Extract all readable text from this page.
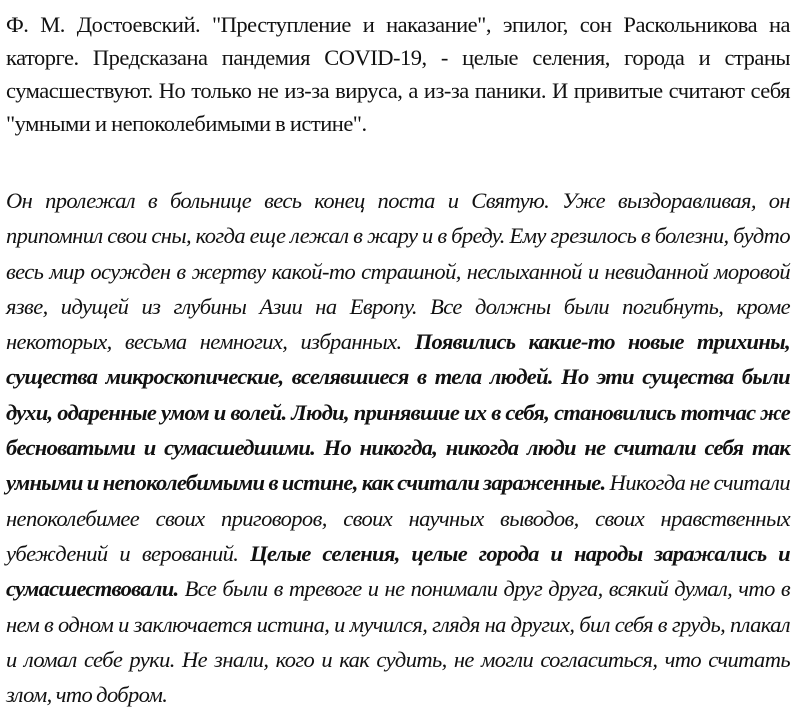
Ф. М. Достоевский. "Преступление и наказание", эпилог, сон Раскольникова на каторге. Предсказана пандемия COVID-19, - целые селения, города и страны сумасшествуют. Но только не из-за вируса, а из-за паники. И привитые считают себя "умными и непоколебимыми в истине".

Он пролежал в больнице весь конец поста и Святую. Уже выздоравливая, он припомнил свои сны, когда еще лежал в жару и в бреду. Ему грезилось в болезни, будто весь мир осужден в жертву какой-то страшной, неслыханной и невиданной моровой язве, идущей из глубины Азии на Европу. Все должны были погибнуть, кроме некоторых, весьма немногих, избранных. Появились какие-то новые трихины, существа микроскопические, вселявшиеся в тела людей. Но эти существа были духи, одаренные умом и волей. Люди, принявшие их в себя, становились тотчас же бесноватыми и сумасшедшими. Но никогда, никогда люди не считали себя так умными и непоколебимыми в истине, как считали зараженные. Никогда не считали непоколебимее своих приговоров, своих научных выводов, своих нравственных убеждений и верований. Целые селения, целые города и народы заражались и сумасшествовали. Все были в тревоге и не понимали друг друга, всякий думал, что в нем в одном и заключается истина, и мучился, глядя на других, бил себя в грудь, плакал и ломал себе руки. Не знали, кого и как судить, не могли согласиться, что считать злом, что добром.
